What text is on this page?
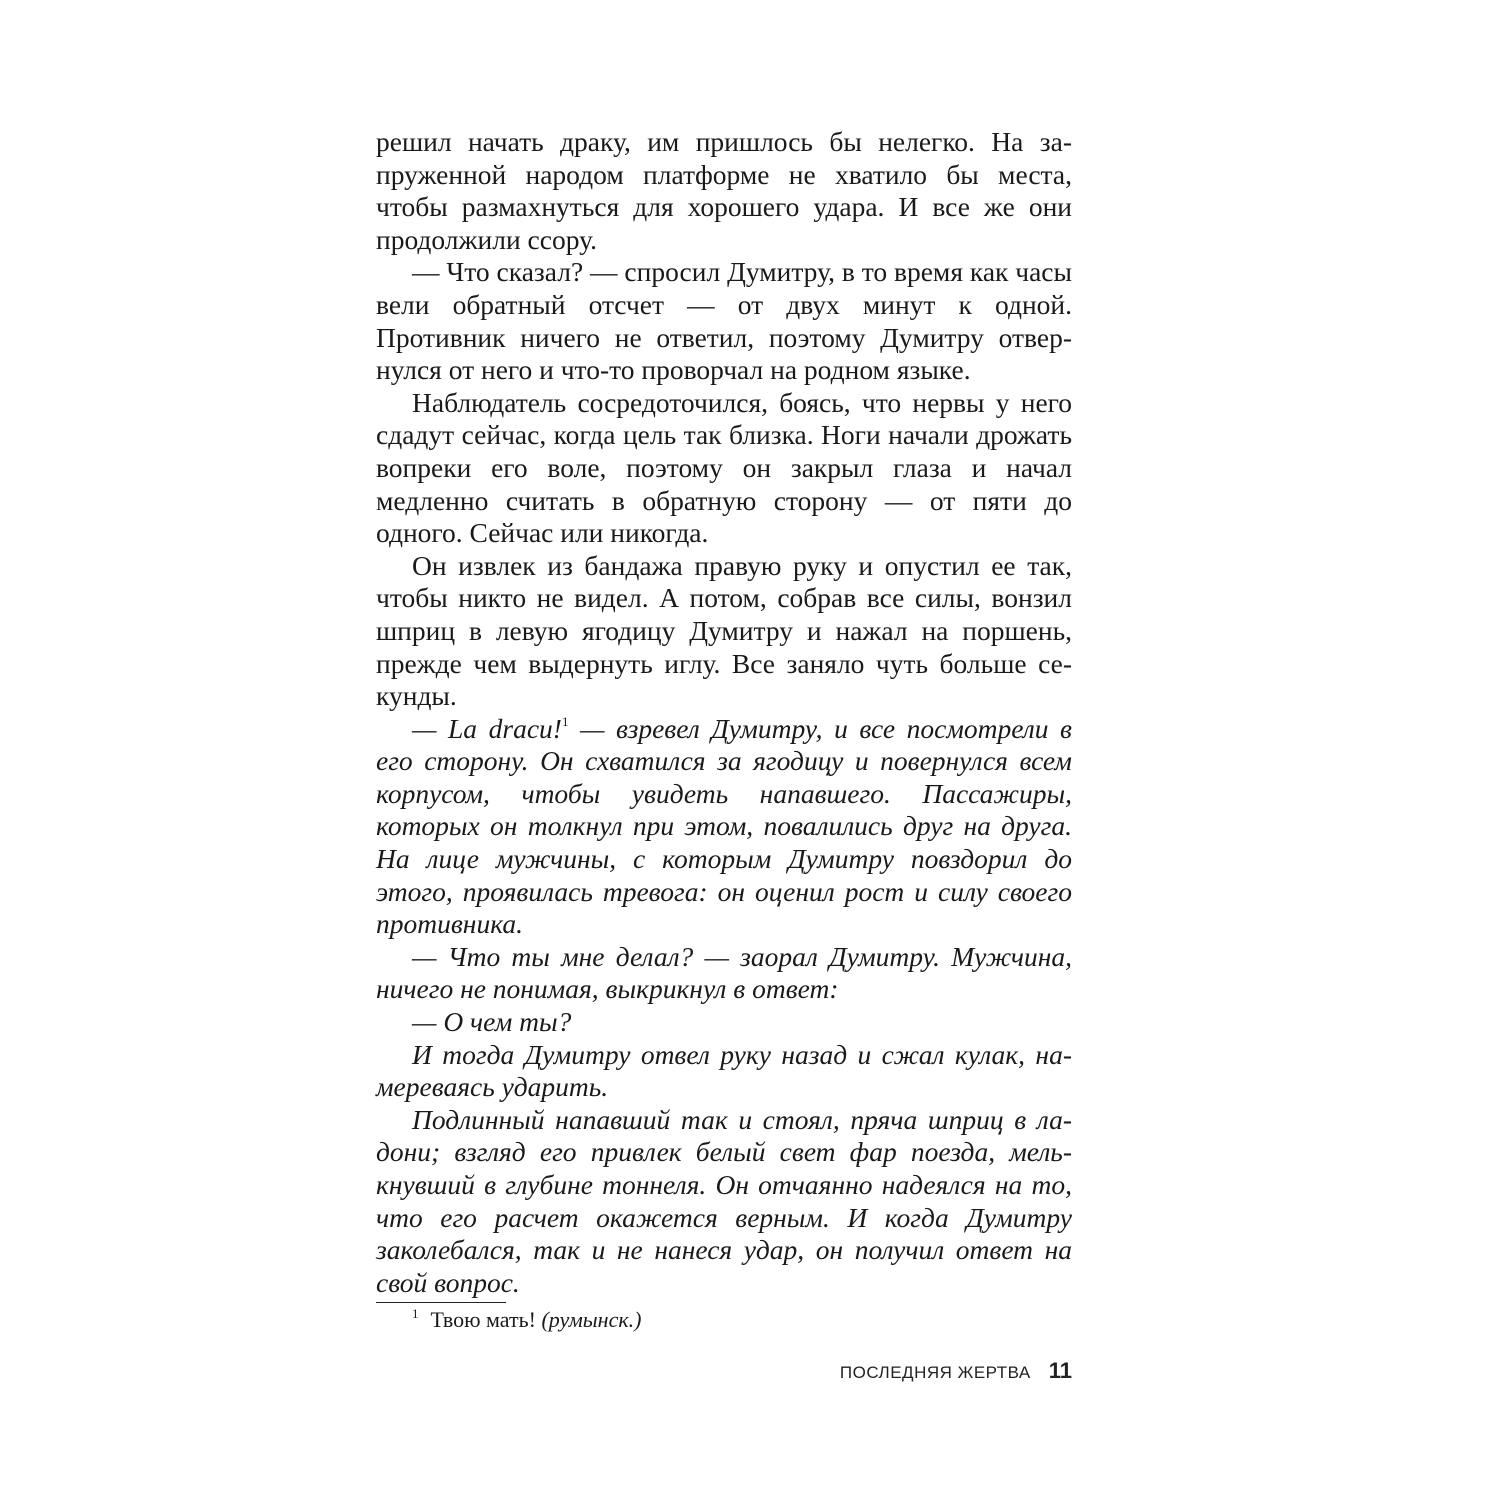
решил начать драку, им пришлось бы нелегко. На запруженной народом платформе не хватило бы места, чтобы размахнуться для хорошего удара. И все же они продолжили ссору.

— Что сказал? — спросил Думитру, в то время как часы вели обратный отсчет — от двух минут к одной. Противник ничего не ответил, поэтому Думитру отвернулся от него и что-то проворчал на родном языке.

Наблюдатель сосредоточился, боясь, что нервы у него сдадут сейчас, когда цель так близка. Ноги начали дрожать вопреки его воле, поэтому он закрыл глаза и начал медленно считать в обратную сторону — от пяти до одного. Сейчас или никогда.

Он извлек из бандажа правую руку и опустил ее так, чтобы никто не видел. А потом, собрав все силы, вонзил шприц в левую ягодицу Думитру и нажал на поршень, прежде чем выдернуть иглу. Все заняло чуть больше секунды.

— La dracu!$^1$ — взревел Думитру, и все посмотрели в его сторону. Он схватился за ягодицу и повернулся всем корпусом, чтобы увидеть напавшего. Пассажиры, которых он толкнул при этом, повалились друг на друга. На лице мужчины, с которым Думитру повздорил до этого, проявилась тревога: он оценил рост и силу своего противника.

— Что ты мне делал? — заорал Думитру. Мужчина, ничего не понимая, выкрикнул в ответ:

— О чем ты?

И тогда Думитру отвел руку назад и сжал кулак, намереваясь ударить.

Подлинный напавший так и стоял, пряча шприц в ладони; взгляд его привлек белый свет фар поезда, мелькнувший в глубине тоннеля. Он отчаянно надеялся на то, что его расчет окажется верным. И когда Думитру заколебался, так и не нанеся удар, он получил ответ на свой вопрос.

$^1$ Твою мать! (румынск.)
ПОСЛЕДНЯЯ ЖЕРТВА 11
